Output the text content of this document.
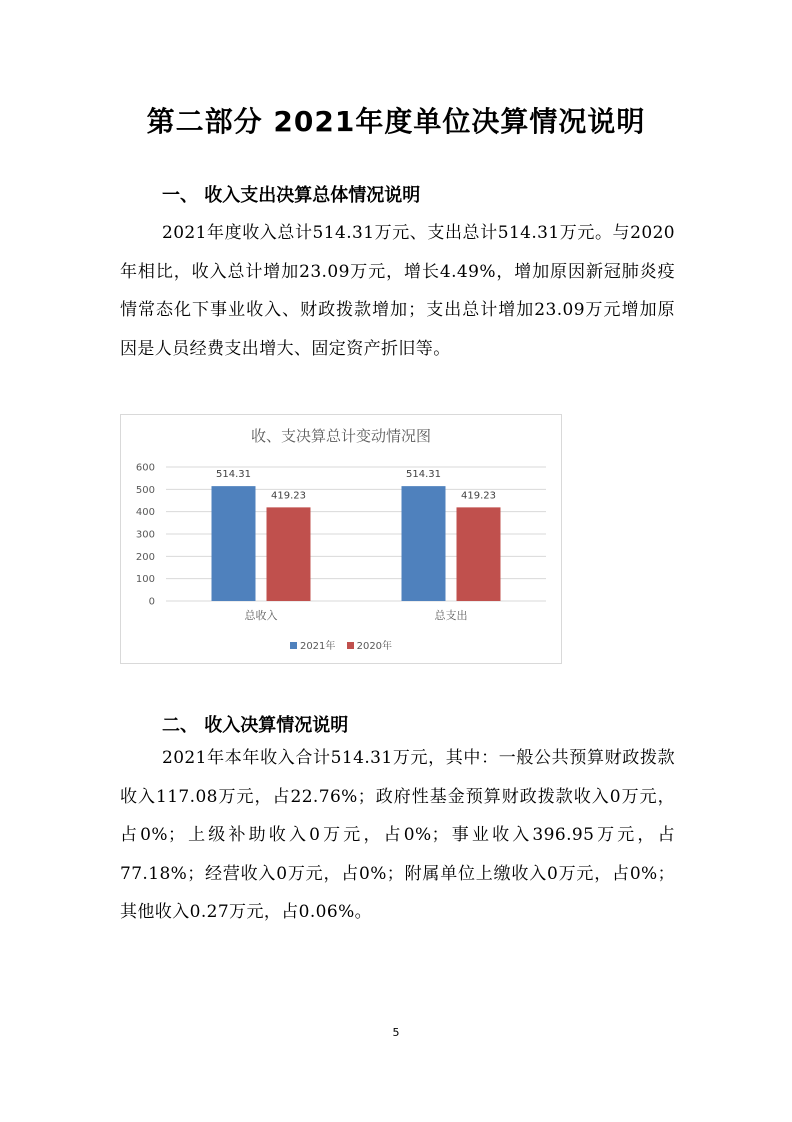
第二部分 2021年度单位决算情况说明
一、 收入支出决算总体情况说明
2021年度收入总计514.31万元、支出总计514.31万元。与2020年相比，收入总计增加23.09万元，增长4.49%，增加原因新冠肺炎疫情常态化下事业收入、财政拨款增加；支出总计增加23.09万元增加原因是人员经费支出增大、固定资产折旧等。
收、支决算总计变动情况图
0
100
200
300
400
500
600
514.31
419.23
总收入
514.31
419.23
总支出
2021年 2020年
二、 收入决算情况说明
2021年本年收入合计514.31万元，其中：一般公共预算财政拨款收入117.08万元，占22.76%；政府性基金预算财政拨款收入0万元，占0%；上级补助收入0万元，占0%；事业收入396.95万元，占77.18%；经营收入0万元，占0%；附属单位上缴收入0万元，占0%；其他收入0.27万元，占0.06%。
5
